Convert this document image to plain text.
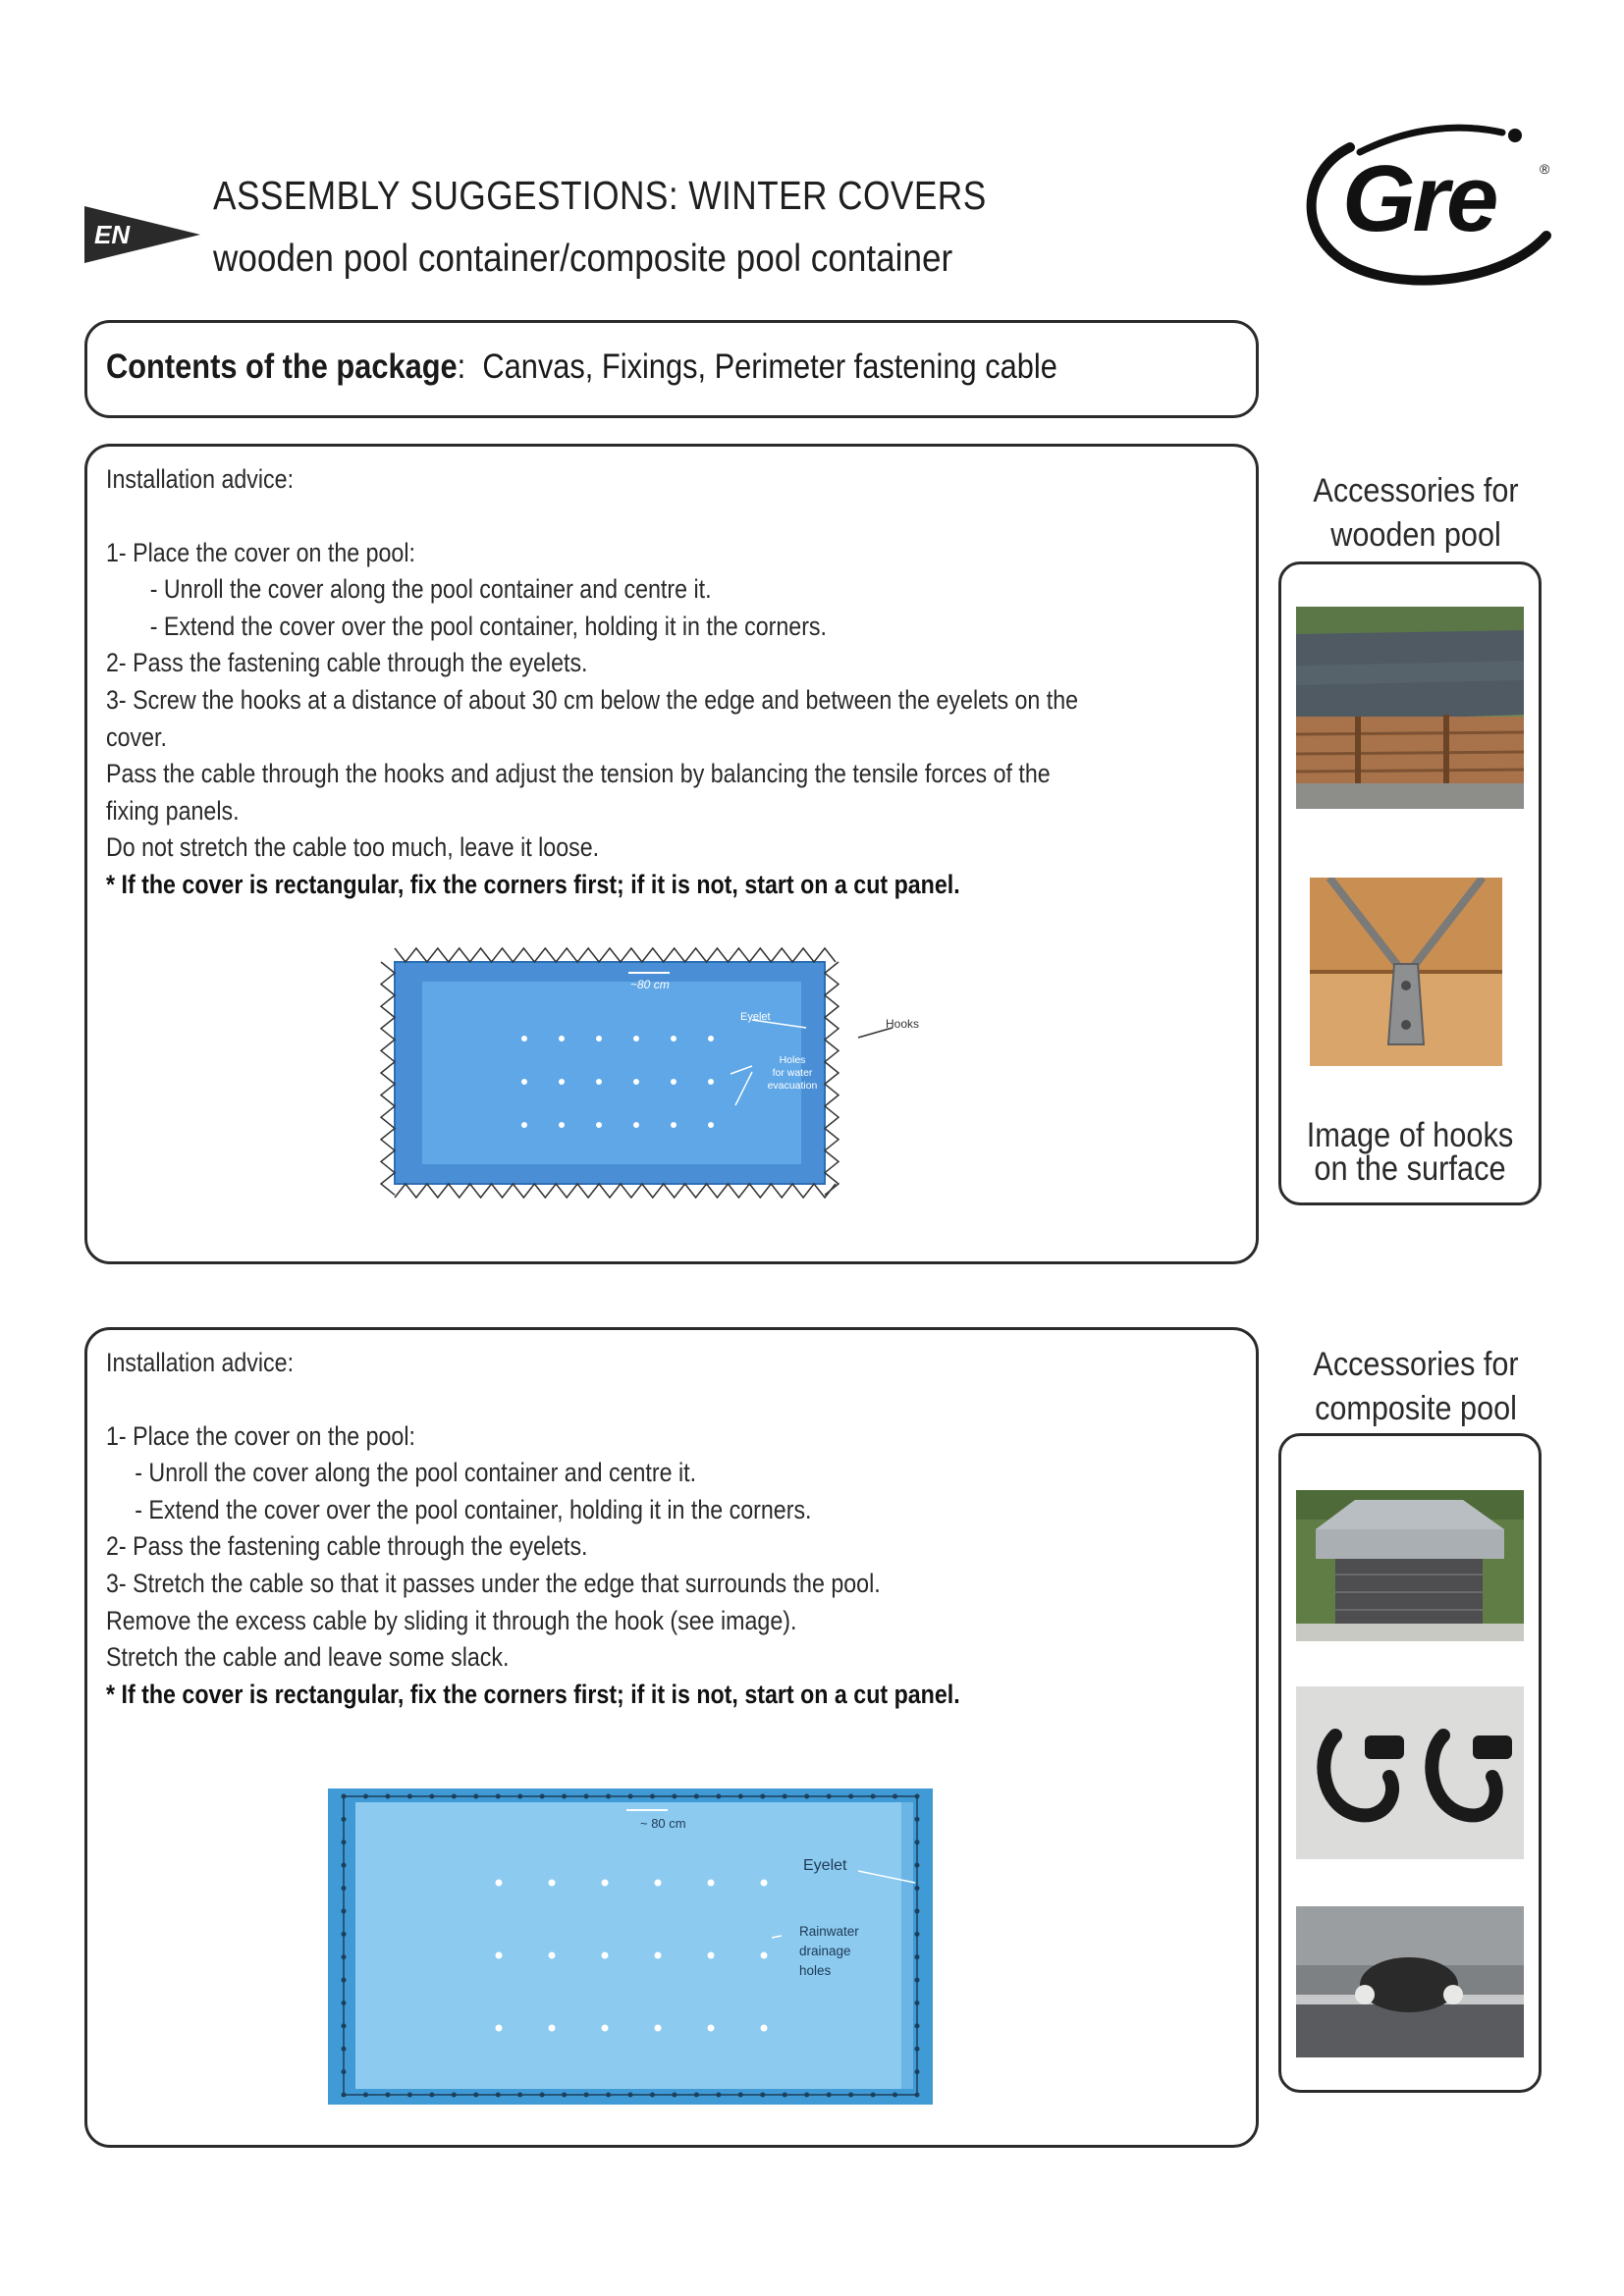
EN
ASSEMBLY SUGGESTIONS: WINTER COVERS
wooden pool container/composite pool container
Gre	®
Contents of the package: Canvas, Fixings, Perimeter fastening cable
Installation advice:
1- Place the cover on the pool:
- Unroll the cover along the pool container and centre it.
- Extend the cover over the pool container, holding it in the corners.
2- Pass the fastening cable through the eyelets.
3- Screw the hooks at a distance of about 30 cm below the edge and between the eyelets on the
cover.
Pass the cable through the hooks and adjust the tension by balancing the tensile forces of the
fixing panels.
Do not stretch the cable too much, leave it loose.
* If the cover is rectangular, fix the corners first; if it is not, start on a cut panel.
~80 cm
Eyelet	Hooks
Holes
for water
evacuation
Accessories for
wooden pool
Image of hooks
on the surface
Installation advice:
1- Place the cover on the pool:
- Unroll the cover along the pool container and centre it.
- Extend the cover over the pool container, holding it in the corners.
2- Pass the fastening cable through the eyelets.
3- Stretch the cable so that it passes under the edge that surrounds the pool.
Remove the excess cable by sliding it through the hook (see image).
Stretch the cable and leave some slack.
* If the cover is rectangular, fix the corners first; if it is not, start on a cut panel.
~ 80 cm
Eyelet
Rainwater
drainage
holes
Accessories for
composite pool
